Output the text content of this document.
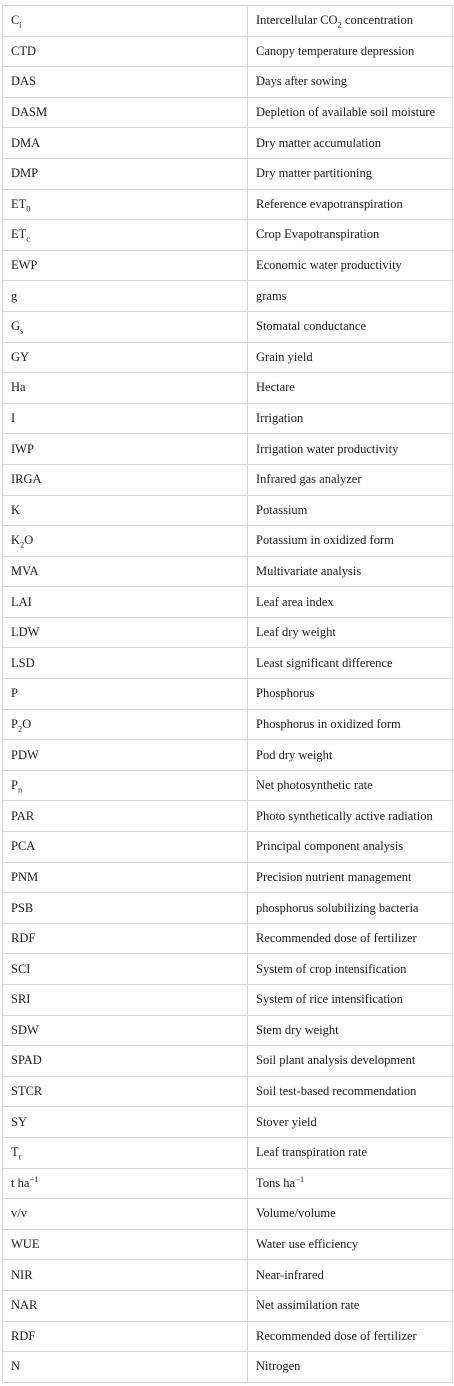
$C_i$	Intercellular $CO_2$ concentration
CTD	Canopy temperature depression
DAS	Days after sowing
DASM	Depletion of available soil moisture
DMA	Dry matter accumulation
DMP	Dry matter partitioning
$ET_0$	Reference evapotranspiration
$ET_c$	Crop Evapotranspiration
EWP	Economic water productivity
g	grams
$G_s$	Stomatal conductance
GY	Grain yield
Ha	Hectare
I	Irrigation
IWP	Irrigation water productivity
IRGA	Infrared gas analyzer
K	Potassium
$K_2O$	Potassium in oxidized form
MVA	Multivariate analysis
LAI	Leaf area index
LDW	Leaf dry weight
LSD	Least significant difference
P	Phosphorus
$P_2O$	Phosphorus in oxidized form
PDW	Pod dry weight
$P_n$	Net photosynthetic rate
PAR	Photo synthetically active radiation
PCA	Principal component analysis
PNM	Precision nutrient management
PSB	phosphorus solubilizing bacteria
RDF	Recommended dose of fertilizer
SCI	System of crop intensification
SRI	System of rice intensification
SDW	Stem dry weight
SPAD	Soil plant analysis development
STCR	Soil test-based recommendation
SY	Stover yield
$T_r$	Leaf transpiration rate
t $ha^{-1}$	Tons $ha^{-1}$
v/v	Volume/volume
WUE	Water use efficiency
NIR	Near-infrared
NAR	Net assimilation rate
RDF	Recommended dose of fertilizer
N	Nitrogen
